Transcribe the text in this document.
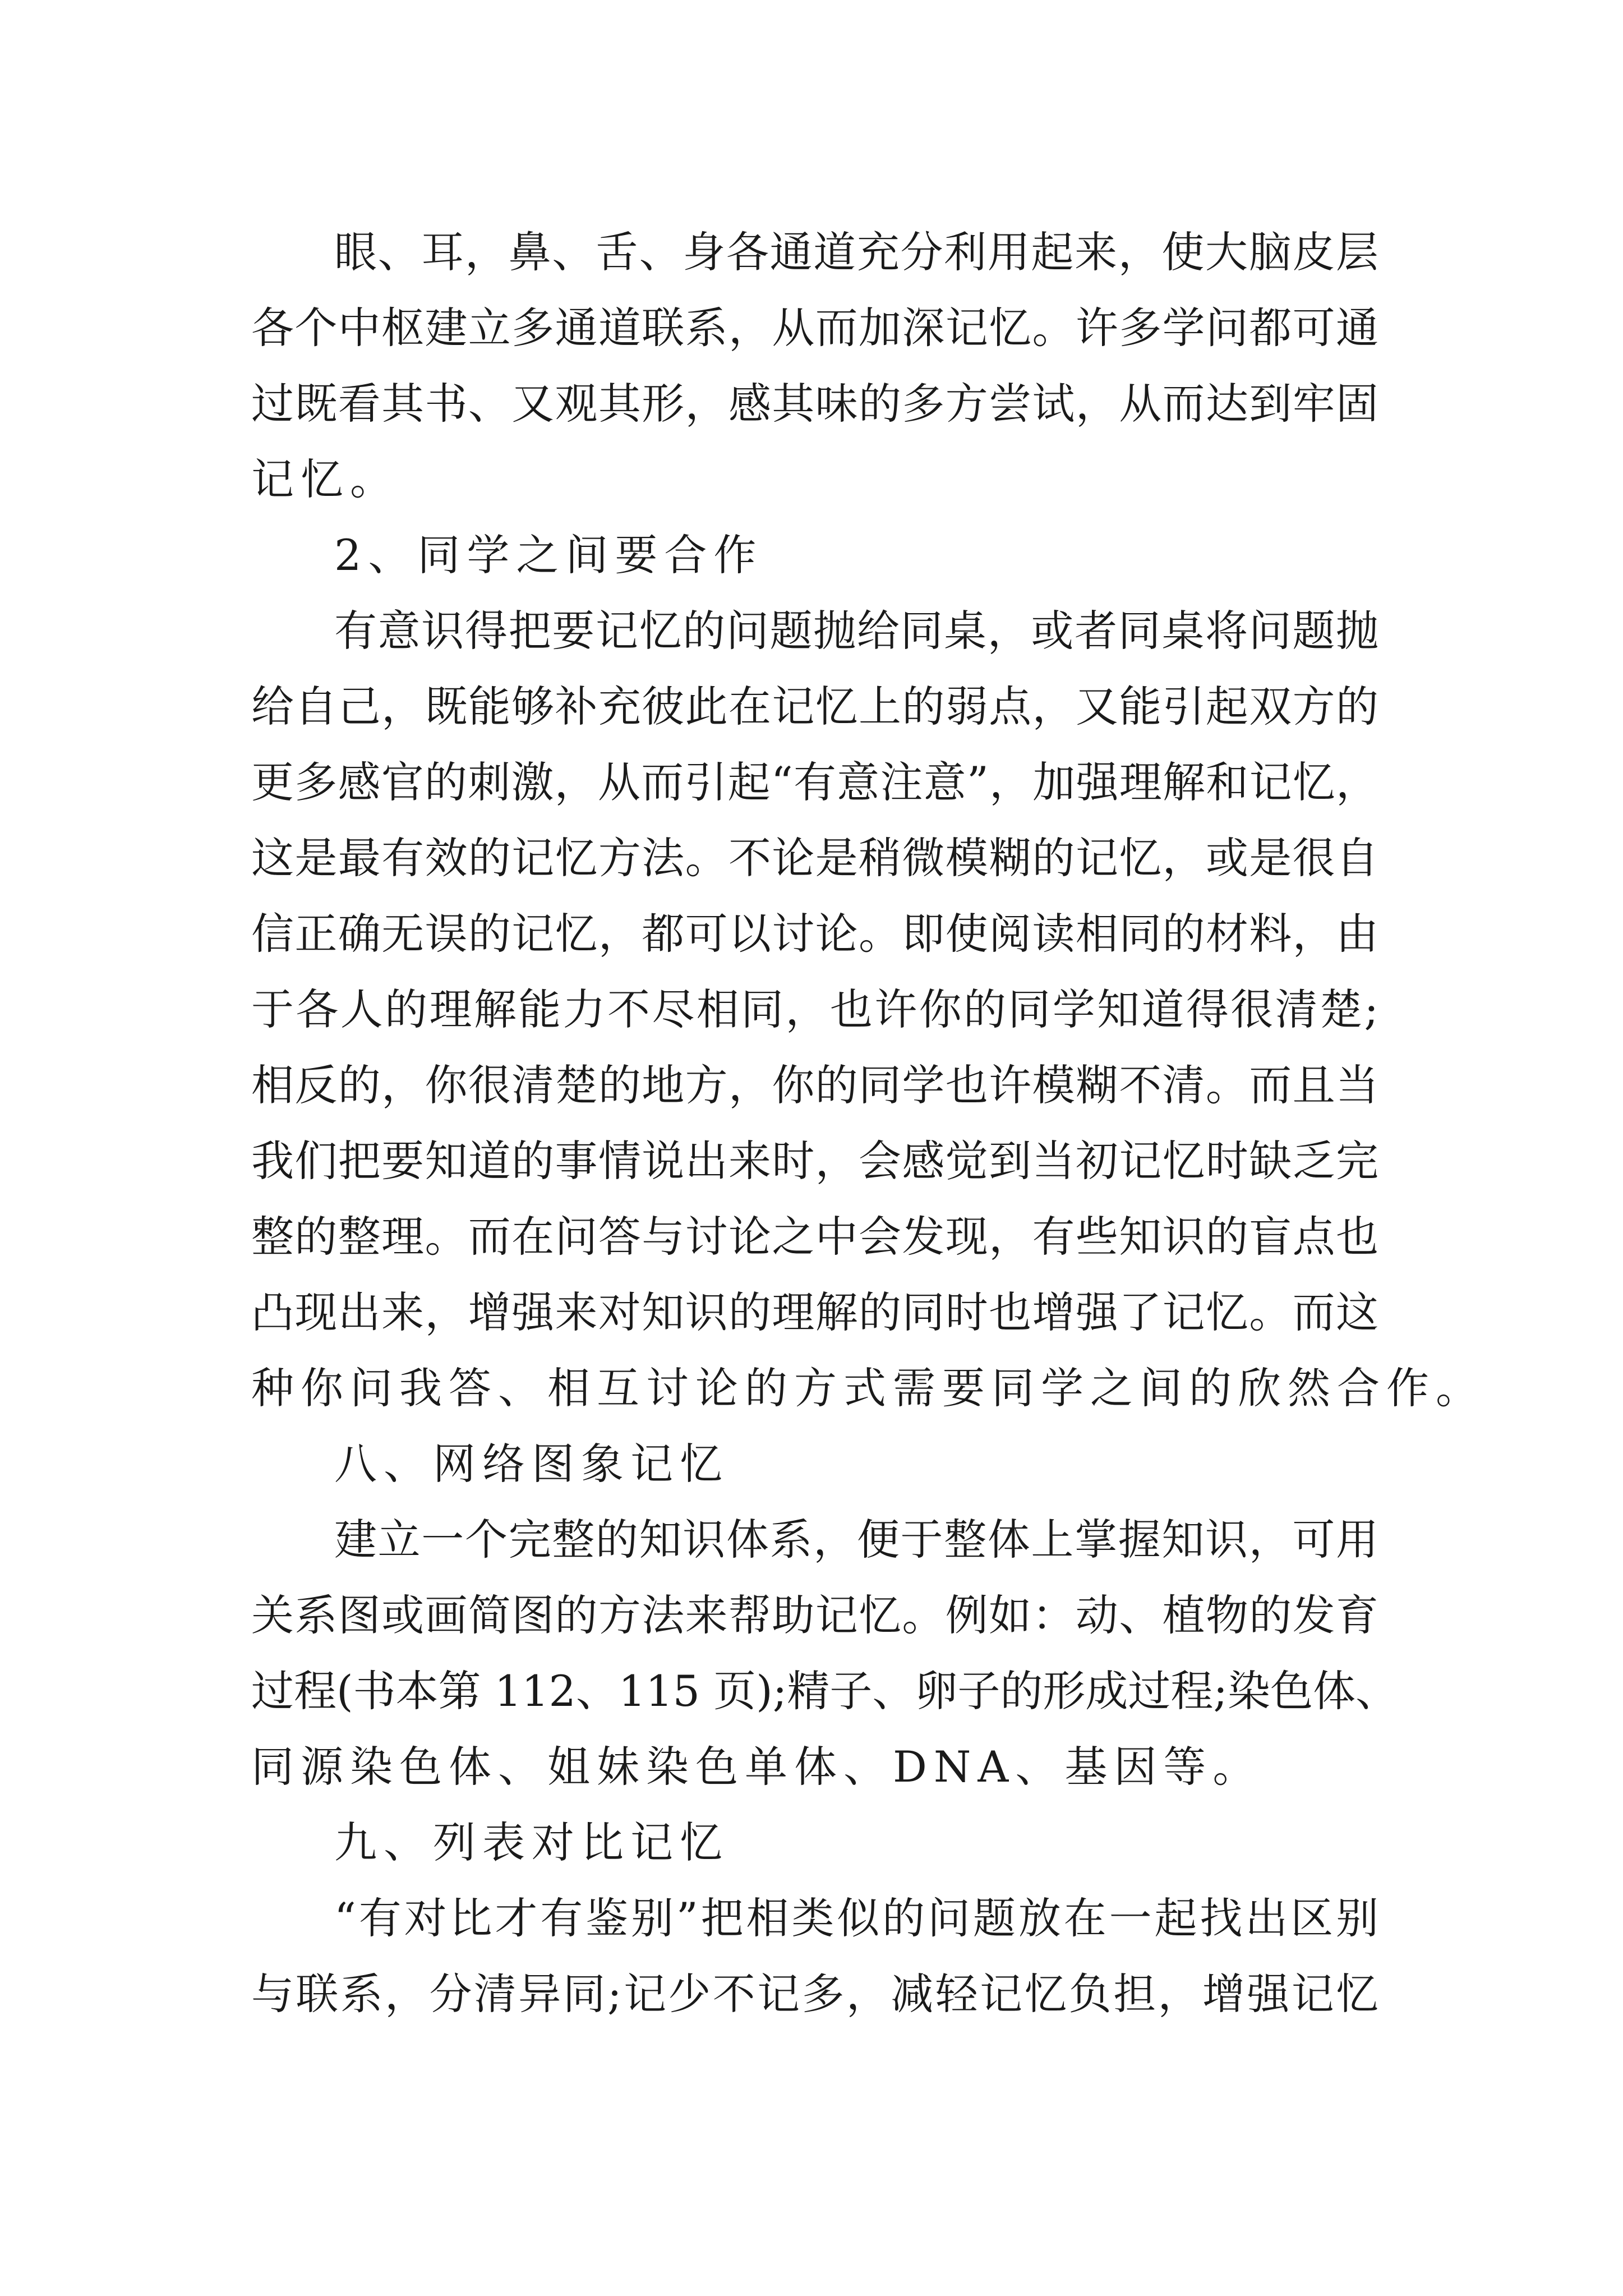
眼、耳，鼻、舌、身各通道充分利用起来，使大脑皮层
各个中枢建立多通道联系，从而加深记忆。许多学问都可通
过既看其书、又观其形，感其味的多方尝试，从而达到牢固
记忆。
2、同学之间要合作
有意识得把要记忆的问题抛给同桌，或者同桌将问题抛
给自己，既能够补充彼此在记忆上的弱点，又能引起双方的
更多感官的刺激，从而引起“有意注意”，加强理解和记忆，
这是最有效的记忆方法。不论是稍微模糊的记忆，或是很自
信正确无误的记忆，都可以讨论。即使阅读相同的材料，由
于各人的理解能力不尽相同，也许你的同学知道得很清楚;
相反的，你很清楚的地方，你的同学也许模糊不清。而且当
我们把要知道的事情说出来时，会感觉到当初记忆时缺乏完
整的整理。而在问答与讨论之中会发现，有些知识的盲点也
凸现出来，增强来对知识的理解的同时也增强了记忆。而这
种你问我答、相互讨论的方式需要同学之间的欣然合作。
八、网络图象记忆
建立一个完整的知识体系，便于整体上掌握知识，可用
关系图或画简图的方法来帮助记忆。例如：动、植物的发育
过程(书本第 112、115 页);精子、卵子的形成过程;染色体、
同源染色体、姐妹染色单体、DNA、基因等。
九、列表对比记忆
“有对比才有鉴别”把相类似的问题放在一起找出区别
与联系，分清异同;记少不记多，减轻记忆负担，增强记忆
